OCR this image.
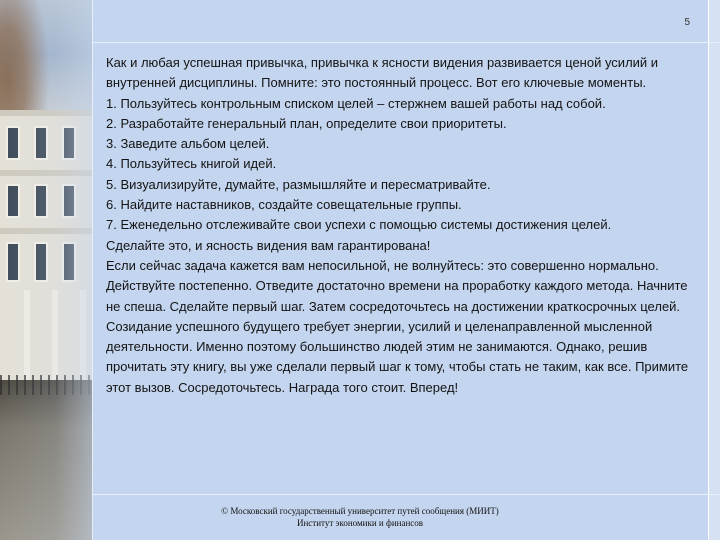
5

Как и любая успешная привычка, привычка к ясности видения развивается ценой усилий и внутренней дисциплины. Помните: это постоянный процесс. Вот его ключевые моменты.

1. Пользуйтесь контрольным списком целей – стержнем вашей работы над собой.

2. Разработайте генеральный план, определите свои приоритеты.

3. Заведите альбом целей.

4. Пользуйтесь книгой идей.

5. Визуализируйте, думайте, размышляйте и пересматривайте.

6. Найдите наставников, создайте совещательные группы.

7. Еженедельно отслеживайте свои успехи с помощью системы достижения целей.

Сделайте это, и ясность видения вам гарантирована!

Если сейчас задача кажется вам непосильной, не волнуйтесь: это совершенно нормально. Действуйте постепенно. Отведите достаточно времени на проработку каждого метода. Начните не спеша. Сделайте первый шаг. Затем сосредоточьтесь на достижении краткосрочных целей. Созидание успешного будущего требует энергии, усилий и целенаправленной мысленной деятельности. Именно поэтому большинство людей этим не занимаются. Однако, решив прочитать эту книгу, вы уже сделали первый шаг к тому, чтобы стать не таким, как все. Примите этот вызов. Сосредоточьтесь. Награда того стоит. Вперед!

© Московский государственный университет путей сообщения (МИИТ)
Институт экономики и финансов
